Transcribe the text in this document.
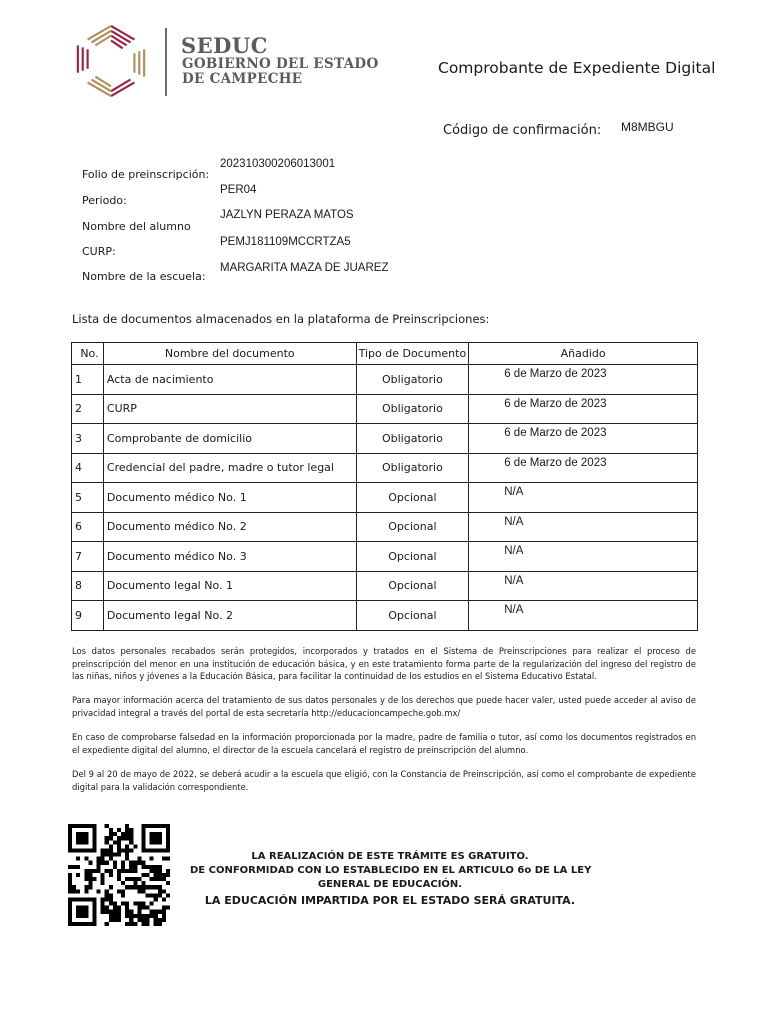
SEDUC
GOBIERNO DEL ESTADO
DE CAMPECHE
Comprobante de Expediente Digital
Código de confirmación: M8MBGU
Folio de preinscripción:
202310300206013001
Periodo:
PER04
Nombre del alumno
JAZLYN PERAZA MATOS
CURP:
PEMJ181109MCCRTZA5
Nombre de la escuela:
MARGARITA MAZA DE JUAREZ
Lista de documentos almacenados en la plataforma de Preinscripciones:
No.	Nombre del documento	Tipo de Documento	Añadido
1	Acta de nacimiento	Obligatorio	6 de Marzo de 2023

2	CURP	Obligatorio	6 de Marzo de 2023

3	Comprobante de domicilio	Obligatorio	6 de Marzo de 2023

4	Credencial del padre, madre o tutor legal	Obligatorio	6 de Marzo de 2023

5	Documento médico No. 1	Opcional	N/A

6	Documento médico No. 2	Opcional	N/A

7	Documento médico No. 3	Opcional	N/A

8	Documento legal No. 1	Opcional	N/A

9	Documento legal No. 2	Opcional	N/A
Los datos personales recabados serán protegidos, incorporados y tratados en el Sistema de Preinscripciones para realizar el proceso de preinscripción del menor en una institución de educación básica, y en este tratamiento forma parte de la regularización del ingreso del registro de las niñas, niños y jóvenes a la Educación Básica, para facilitar la continuidad de los estudios en el Sistema Educativo Estatal.
Para mayor información acerca del tratamiento de sus datos personales y de los derechos que puede hacer valer, usted puede acceder al aviso de privacidad integral a través del portal de esta secretaría http://educacioncampeche.gob.mx/
En caso de comprobarse falsedad en la información proporcionada por la madre, padre de familia o tutor, así como los documentos registrados en el expediente digital del alumno, el director de la escuela cancelará el registro de preinscripción del alumno.
Del 9 al 20 de mayo de 2022, se deberá acudir a la escuela que eligió, con la Constancia de Preinscripción, así como el comprobante de expediente digital para la validación correspondiente.
LA REALIZACIÓN DE ESTE TRÁMITE ES GRATUITO.
DE CONFORMIDAD CON LO ESTABLECIDO EN EL ARTICULO 6o DE LA LEY
GENERAL DE EDUCACIÓN.
LA EDUCACIÓN IMPARTIDA POR EL ESTADO SERÁ GRATUITA.
